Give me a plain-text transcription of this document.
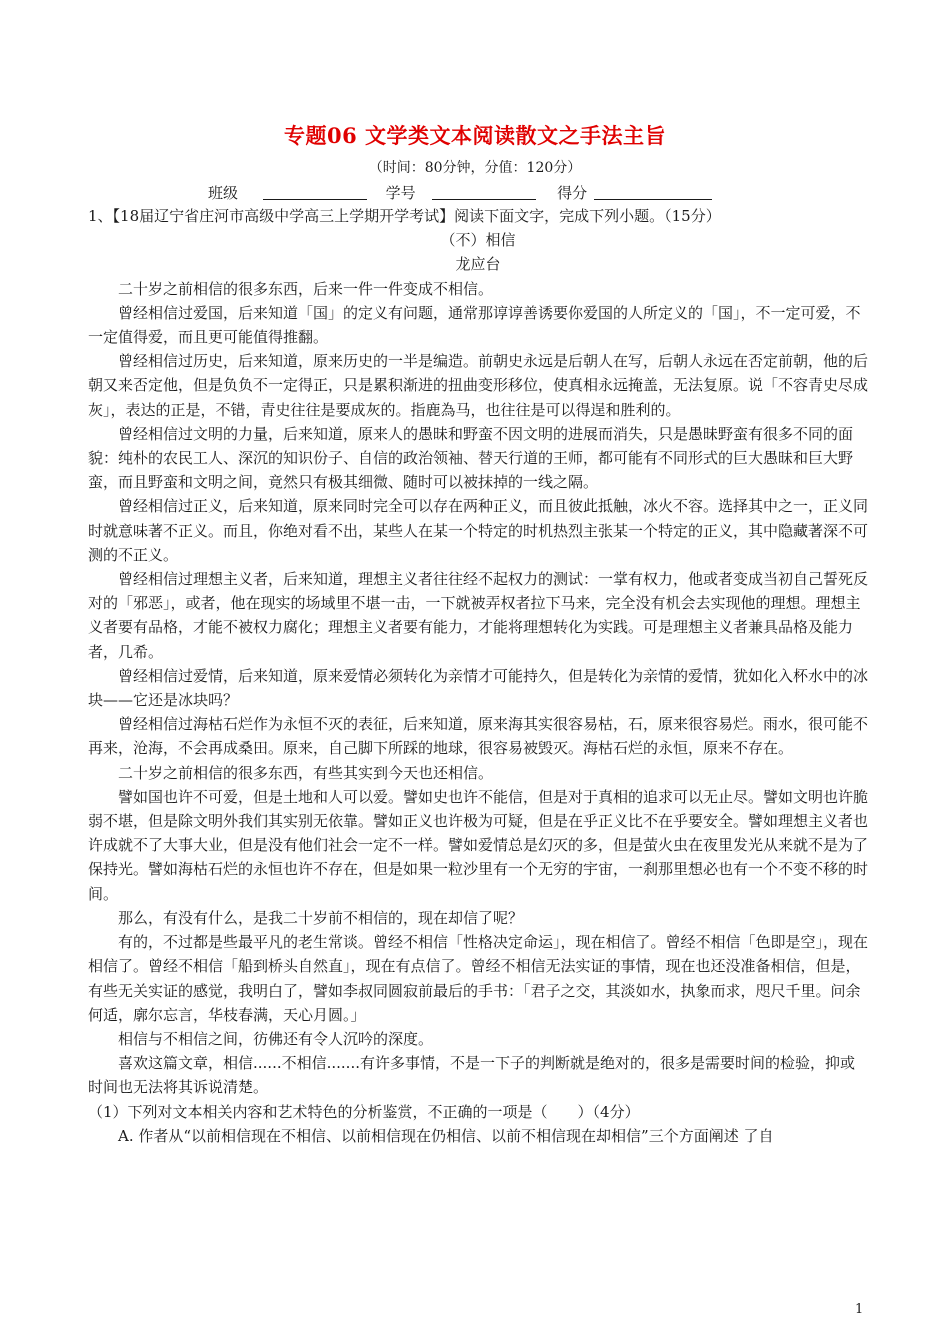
专题06 文学类文本阅读散文之手法主旨
（时间：80分钟，分值：120分）
班级	学号	得分

1、【18届辽宁省庄河市高级中学高三上学期开学考试】阅读下面文字，完成下列小题。（15分）

（不）相信

龙应台

二十岁之前相信的很多东西，后来一件一件变成不相信。

曾经相信过爱国，后来知道「国」的定义有问题，通常那谆谆善诱要你爱国的人所定义的「国」，不一定可爱，不一定值得爱，而且更可能值得推翻。

曾经相信过历史，后来知道，原来历史的一半是编造。前朝史永远是后朝人在写，后朝人永远在否定前朝，他的后朝又来否定他，但是负负不一定得正，只是累积渐进的扭曲变形移位，使真相永远掩盖，无法复原。说「不容青史尽成灰」，表达的正是，不错，青史往往是要成灰的。指鹿為马，也往往是可以得逞和胜利的。

曾经相信过文明的力量，后来知道，原来人的愚昧和野蛮不因文明的进展而消失，只是愚昧野蛮有很多不同的面貌：纯朴的农民工人、深沉的知识份子、自信的政治领袖、替天行道的王师，都可能有不同形式的巨大愚昧和巨大野蛮，而且野蛮和文明之间，竟然只有极其细微、随时可以被抹掉的一线之隔。

曾经相信过正义，后来知道，原来同时完全可以存在两种正义，而且彼此抵触，冰火不容。选择其中之一，正义同时就意味著不正义。而且，你绝对看不出，某些人在某一个特定的时机热烈主张某一个特定的正义，其中隐藏著深不可测的不正义。

曾经相信过理想主义者，后来知道，理想主义者往往经不起权力的测试：一掌有权力，他或者变成当初自己誓死反对的「邪恶」，或者，他在现实的场域里不堪一击，一下就被弄权者拉下马来，完全没有机会去实现他的理想。理想主义者要有品格，才能不被权力腐化；理想主义者要有能力，才能将理想转化为实践。可是理想主义者兼具品格及能力者，几希。

曾经相信过爱情，后来知道，原来爱情必须转化为亲情才可能持久，但是转化为亲情的爱情，犹如化入杯水中的冰块——它还是冰块吗？

曾经相信过海枯石烂作为永恒不灭的表征，后来知道，原来海其实很容易枯，石，原来很容易烂。雨水，很可能不再来，沧海，不会再成桑田。原来，自己脚下所踩的地球，很容易被毁灭。海枯石烂的永恒，原来不存在。

二十岁之前相信的很多东西，有些其实到今天也还相信。

譬如国也许不可爱，但是土地和人可以爱。譬如史也许不能信，但是对于真相的追求可以无止尽。譬如文明也许脆弱不堪，但是除文明外我们其实别无依靠。譬如正义也许极为可疑，但是在乎正义比不在乎要安全。譬如理想主义者也许成就不了大事大业，但是没有他们社会一定不一样。譬如爱情总是幻灭的多，但是萤火虫在夜里发光从来就不是为了保持光。譬如海枯石烂的永恒也许不存在，但是如果一粒沙里有一个无穷的宇宙，一刹那里想必也有一个不变不移的时间。

那么，有没有什么，是我二十岁前不相信的，现在却信了呢？

有的，不过都是些最平凡的老生常谈。曾经不相信「性格决定命运」，现在相信了。曾经不相信「色即是空」，现在相信了。曾经不相信「船到桥头自然直」，现在有点信了。曾经不相信无法实证的事情，现在也还没准备相信，但是，有些无关实证的感觉，我明白了，譬如李叔同圆寂前最后的手书：「君子之交，其淡如水，执象而求，咫尺千里。问余何适，廓尔忘言，华枝春满，天心月圆。」

相信与不相信之间，彷佛还有令人沉吟的深度。

喜欢这篇文章，相信......不相信.......有许多事情，不是一下子的判断就是绝对的，很多是需要时间的检验，抑或时间也无法将其诉说清楚。

（1）下列对文本相关内容和艺术特色的分析鉴赏，不正确的一项是（　　）（4分）

A. 作者从“以前相信现在不相信、以前相信现在仍相信、以前不相信现在却相信”三个方面阐述 了自

1
